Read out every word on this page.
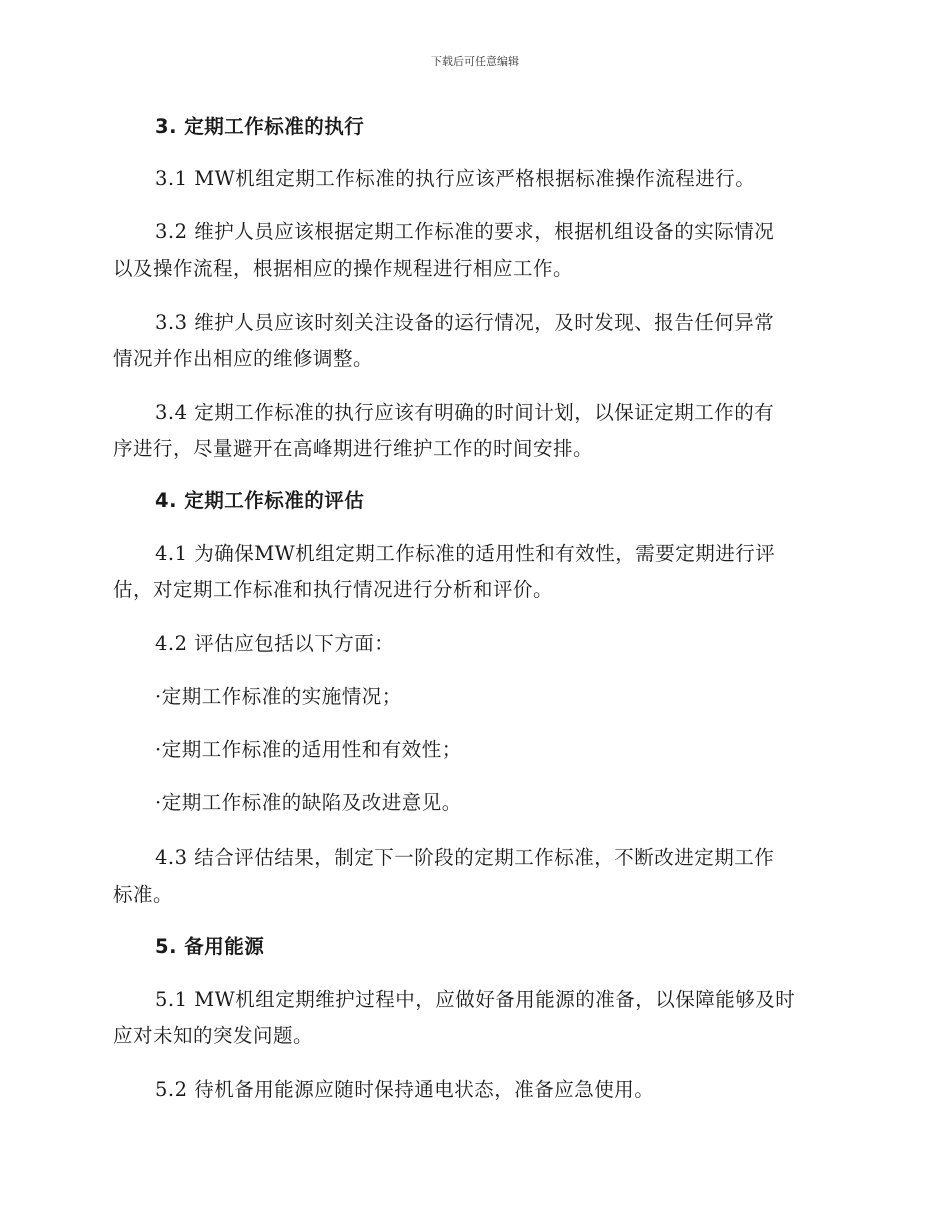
下载后可任意编辑
3. 定期工作标准的执行
3.1 MW机组定期工作标准的执行应该严格根据标准操作流程进行。
3.2 维护人员应该根据定期工作标准的要求，根据机组设备的实际情况
以及操作流程，根据相应的操作规程进行相应工作。
3.3 维护人员应该时刻关注设备的运行情况，及时发现、报告任何异常
情况并作出相应的维修调整。
3.4 定期工作标准的执行应该有明确的时间计划，以保证定期工作的有
序进行，尽量避开在高峰期进行维护工作的时间安排。
4. 定期工作标准的评估
4.1 为确保MW机组定期工作标准的适用性和有效性，需要定期进行评
估，对定期工作标准和执行情况进行分析和评价。
4.2 评估应包括以下方面：
·定期工作标准的实施情况；
·定期工作标准的适用性和有效性；
·定期工作标准的缺陷及改进意见。
4.3 结合评估结果，制定下一阶段的定期工作标准，不断改进定期工作
标准。
5. 备用能源
5.1 MW机组定期维护过程中，应做好备用能源的准备，以保障能够及时
应对未知的突发问题。
5.2 待机备用能源应随时保持通电状态，准备应急使用。
